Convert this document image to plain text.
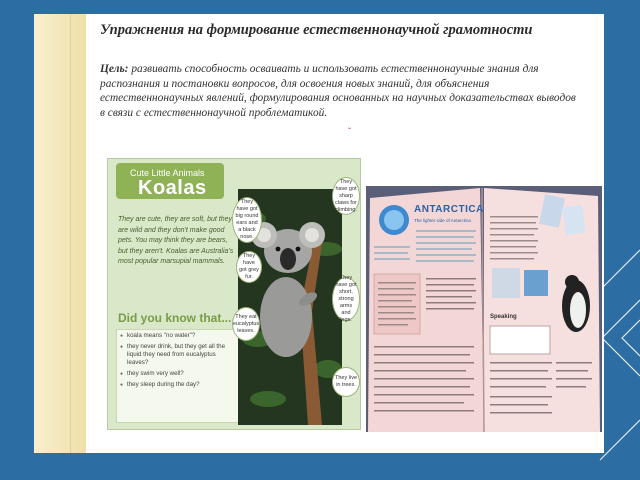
Упражнения на формирование естественнонаучной грамотности

Цель: развивать способность осваивать и использовать естественнонаучные знания для распознания и постановки вопросов, для освоения новых знаний, для объяснения естественнонаучных явлений, формулирования основанных на научных доказательствах выводов в связи с естественнонаучной проблематикой.

ˇ
Cute Little Animals
Koalas
They are cute, they are soft, but they are wild and they don't make good pets. You may think they are bears, but they aren't. Koalas are Australia's most popular marsupial mammals.
Did you know that...
● koala means "no water"?
● they never drink, but they get all the liquid they need from eucalyptus leaves?
● they swim very well?
● they sleep during the day?
They have got big round ears and a black nose.
They have got grey fur.
They eat eucalyptus leaves.
They have got sharp claws for climbing.
They have got short, strong arms and legs.
They live in trees.
ANTARCTICA
The lighter side of Antarctica
Speaking
